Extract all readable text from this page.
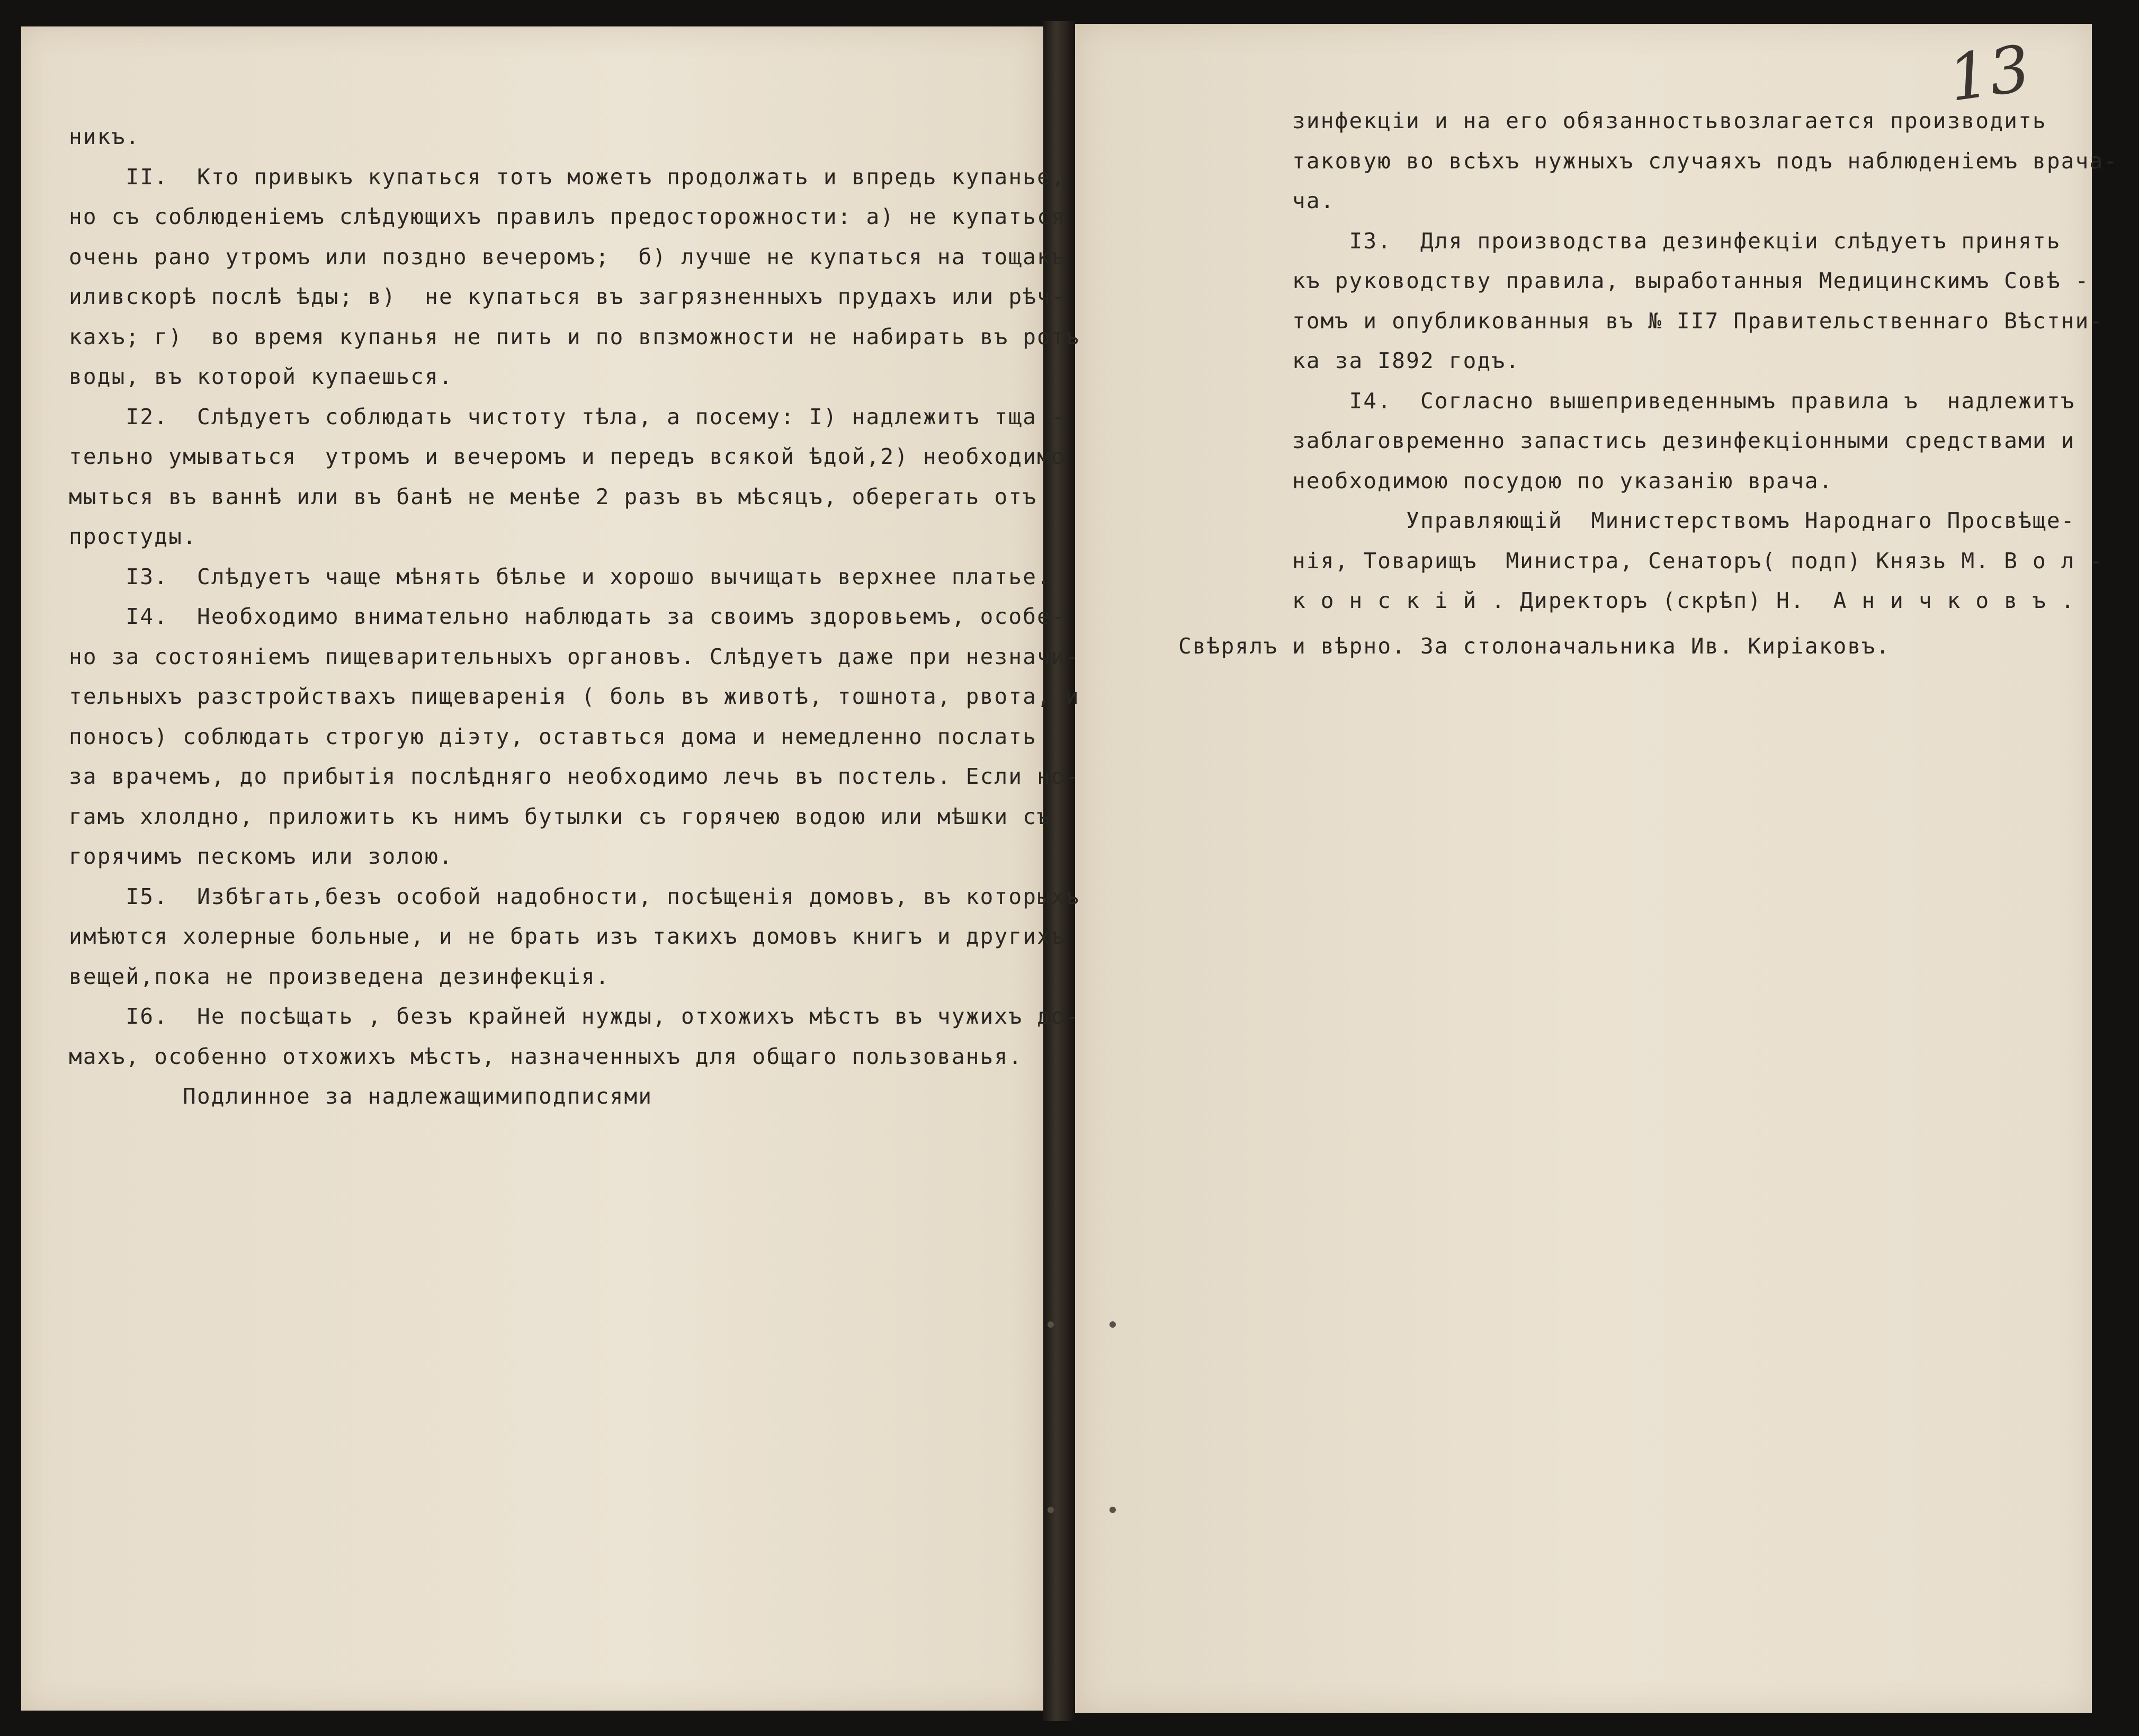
13
никъ.
II.  Кто привыкъ купаться тотъ можетъ продолжать и впредь купанье,
но съ соблюденіемъ слѣдующихъ правилъ предосторожности: а) не купаться
очень рано утромъ или поздно вечеромъ;  б) лучше не купаться на тощакъ
иливскорѣ послѣ ѣды; в)  не купаться въ загрязненныхъ прудахъ или рѣч-
кахъ; г)  во время купанья не пить и по впзможности не набирать въ ротъ
воды, въ которой купаешься.
I2.  Слѣдуетъ соблюдать чистоту тѣла, а посему: I) надлежитъ тща -
тельно умываться  утромъ и вечеромъ и передъ всякой ѣдой,2) необходимо
мыться въ ваннѣ или въ банѣ не менѣе 2 разъ въ мѣсяцъ, оберегать отъ
простуды.
I3.  Слѣдуетъ чаще мѣнять бѣлье и хорошо вычищать верхнее платье.
I4.  Необходимо внимательно наблюдать за своимъ здоровьемъ, особе-
но за состояніемъ пищеварительныхъ органовъ. Слѣдуетъ даже при незначи-
тельныхъ разстройствахъ пищеваренія ( боль въ животѣ, тошнота, рвота, и
поносъ) соблюдать строгую діэту, оставться дома и немедленно послать
за врачемъ, до прибытія послѣдняго необходимо лечь въ постель. Если но-
гамъ хлолдно, приложить къ нимъ бутылки съ горячею водою или мѣшки съ
горячимъ пескомъ или золою.
I5.  Избѣгать,безъ особой надобности, посѣщенія домовъ, въ которыхъ
имѣются холерные больные, и не брать изъ такихъ домовъ книгъ и другихъ
вещей,пока не произведена дезинфекція.
I6.  Не посѣщать , безъ крайней нужды, отхожихъ мѣстъ въ чужихъ до-
махъ, особенно отхожихъ мѣстъ, назначенныхъ для общаго пользованья.
Подлинное за надлежащимиподписями
зинфекціи и на его обязанностьвозлагается производить
таковую во всѣхъ нужныхъ случаяхъ подъ наблюденіемъ врача-
ча.
I3.  Для производства дезинфекціи слѣдуетъ принять
къ руководству правила, выработанныя Медицинскимъ Совѣ -
томъ и опубликованныя въ № II7 Правительственнаго Вѣстни-
ка за I892 годъ.
I4.  Согласно вышеприведеннымъ правила ъ  надлежитъ
заблаговременно запастись дезинфекціонными средствами и
необходимою посудою по указанію врача.
Управляющій  Министерствомъ Народнаго Просвѣще-
нія, Товарищъ  Министра, Сенаторъ( подп) Князь М. В о л -
к о н с к і й . Директоръ (скрѣп) Н.  А н и ч к о в ъ .
Свѣрялъ и вѣрно. За столоначальника Ив. Киріаковъ.
